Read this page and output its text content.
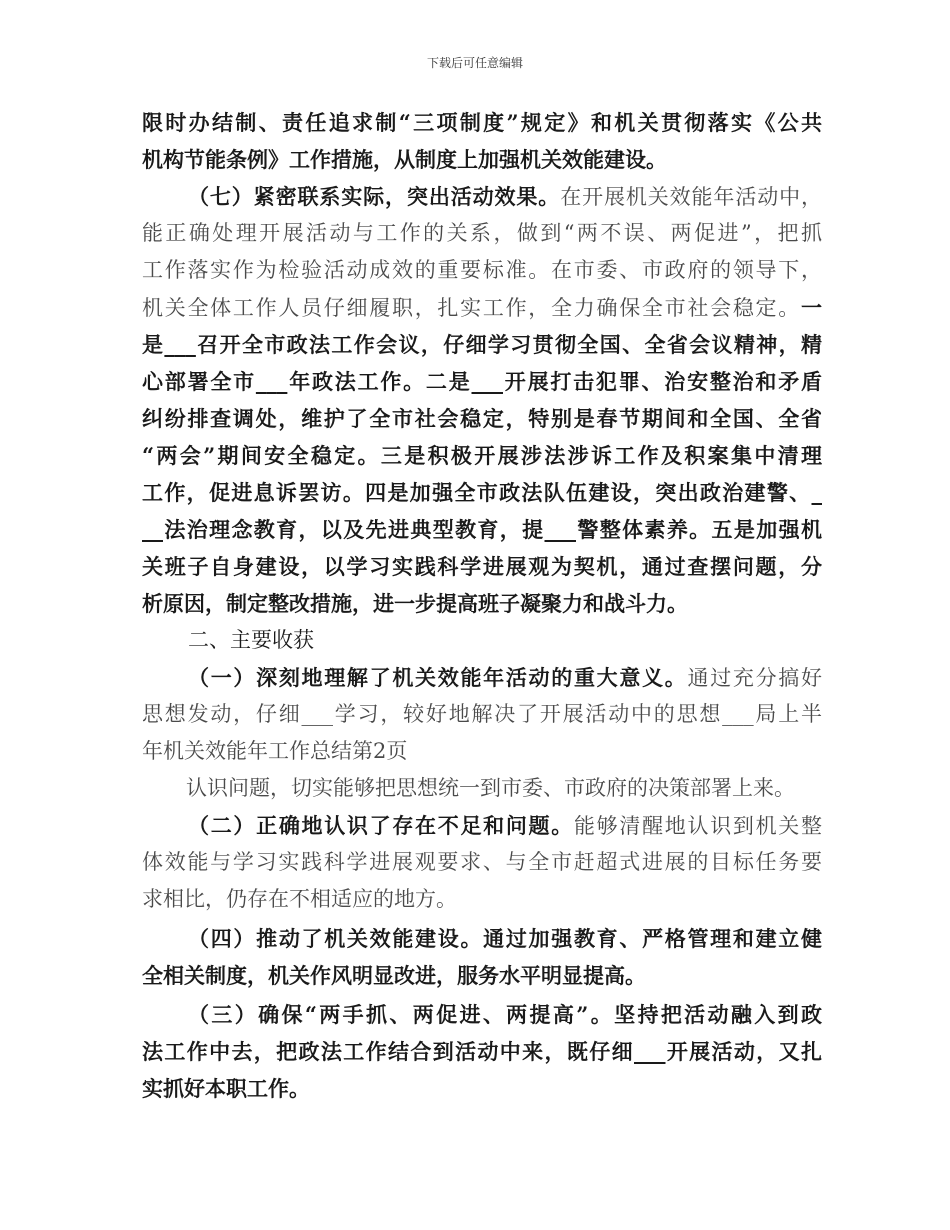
下载后可任意编辑
限时办结制、责任追求制“三项制度”规定》和机关贯彻落实《公共
机构节能条例》工作措施，从制度上加强机关效能建设。
（七）紧密联系实际，突出活动效果。在开展机关效能年活动中，
能正确处理开展活动与工作的关系，做到“两不误、两促进”，把抓
工作落实作为检验活动成效的重要标准。在市委、市政府的领导下，
机关全体工作人员仔细履职，扎实工作，全力确保全市社会稳定。一
是___召开全市政法工作会议，仔细学习贯彻全国、全省会议精神，精
心部署全市___年政法工作。二是___开展打击犯罪、治安整治和矛盾
纠纷排查调处，维护了全市社会稳定，特别是春节期间和全国、全省
“两会”期间安全稳定。三是积极开展涉法涉诉工作及积案集中清理
工作，促进息诉罢访。四是加强全市政法队伍建设，突出政治建警、_
__法治理念教育，以及先进典型教育，提___警整体素养。五是加强机
关班子自身建设，以学习实践科学进展观为契机，通过查摆问题，分
析原因，制定整改措施，进一步提高班子凝聚力和战斗力。
二、主要收获
（一）深刻地理解了机关效能年活动的重大意义。通过充分搞好
思想发动，仔细___学习，较好地解决了开展活动中的思想___局上半
年机关效能年工作总结第2页
认识问题，切实能够把思想统一到市委、市政府的决策部署上来。
（二）正确地认识了存在不足和问题。能够清醒地认识到机关整
体效能与学习实践科学进展观要求、与全市赶超式进展的目标任务要
求相比，仍存在不相适应的地方。
（四）推动了机关效能建设。通过加强教育、严格管理和建立健
全相关制度，机关作风明显改进，服务水平明显提高。
（三）确保“两手抓、两促进、两提高”。坚持把活动融入到政
法工作中去，把政法工作结合到活动中来，既仔细___开展活动，又扎
实抓好本职工作。
